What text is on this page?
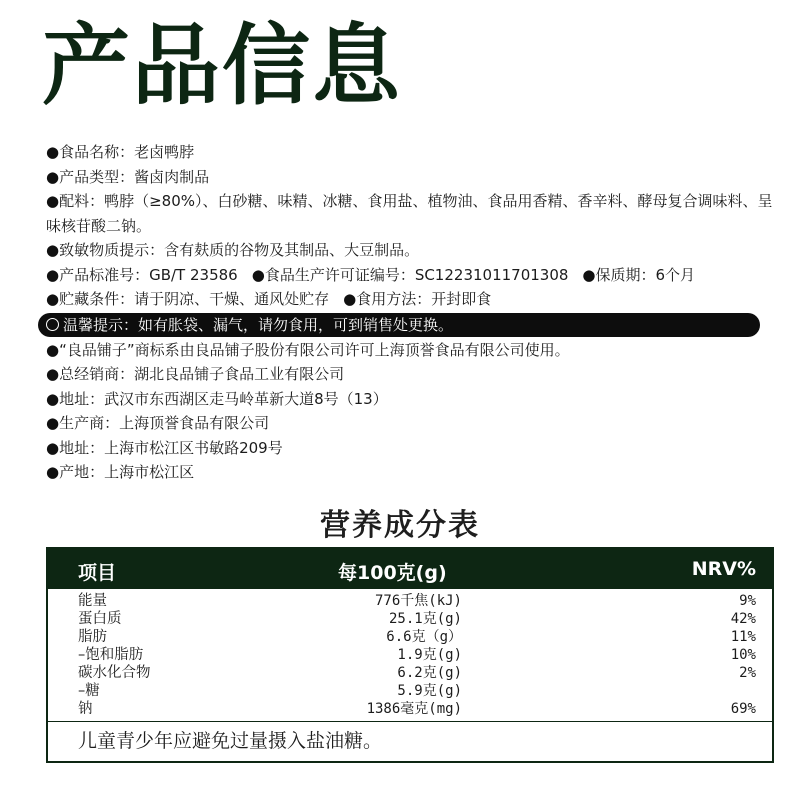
产品信息
●食品名称：老卤鸭脖
●产品类型：酱卤肉制品
●配料：鸭脖（≥80%）、白砂糖、味精、冰糖、食用盐、植物油、食品用香精、香辛料、酵母复合调味料、呈味核苷酸二钠。
●致敏物质提示：含有麸质的谷物及其制品、大豆制品。
●产品标准号：GB/T 23586 ●食品生产许可证编号：SC12231011701308 ●保质期：6个月
●贮藏条件：请于阴凉、干燥、通风处贮存 ●食用方法：开封即食
温馨提示：如有胀袋、漏气，请勿食用，可到销售处更换。
●“良品铺子”商标系由良品铺子股份有限公司许可上海顶誉食品有限公司使用。
●总经销商：湖北良品铺子食品工业有限公司
●地址：武汉市东西湖区走马岭革新大道8号（13）
●生产商：上海顶誉食品有限公司
●地址：上海市松江区书敏路209号
●产地：上海市松江区
营养成分表
项目	每100克(g)	NRV%
能量	776千焦(kJ)	9%
蛋白质	25.1克(g)	42%
脂肪	6.6克（g）	11%
–饱和脂肪	1.9克(g)	10%
碳水化合物	6.2克(g)	2%
–糖	5.9克(g)
钠	1386毫克(mg)	69%
儿童青少年应避免过量摄入盐油糖。
